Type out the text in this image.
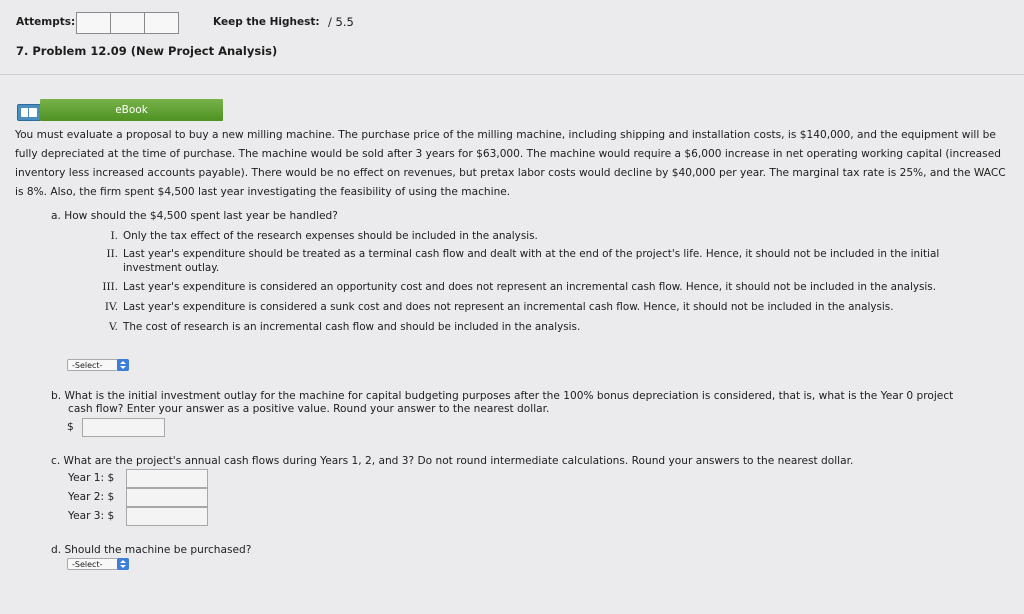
Attempts:	Keep the Highest: / 5.5
7. Problem 12.09 (New Project Analysis)
eBook
You must evaluate a proposal to buy a new milling machine. The purchase price of the milling machine, including shipping and installation costs, is $140,000, and the equipment will be fully depreciated at the time of purchase. The machine would be sold after 3 years for $63,000. The machine would require a $6,000 increase in net operating working capital (increased inventory less increased accounts payable). There would be no effect on revenues, but pretax labor costs would decline by $40,000 per year. The marginal tax rate is 25%, and the WACC is 8%. Also, the firm spent $4,500 last year investigating the feasibility of using the machine.
a. How should the $4,500 spent last year be handled?
I. Only the tax effect of the research expenses should be included in the analysis.
II. Last year's expenditure should be treated as a terminal cash flow and dealt with at the end of the project's life. Hence, it should not be included in the initial investment outlay.
III. Last year's expenditure is considered an opportunity cost and does not represent an incremental cash flow. Hence, it should not be included in the analysis.
IV. Last year's expenditure is considered a sunk cost and does not represent an incremental cash flow. Hence, it should not be included in the analysis.
V. The cost of research is an incremental cash flow and should be included in the analysis.
-Select-
b. What is the initial investment outlay for the machine for capital budgeting purposes after the 100% bonus depreciation is considered, that is, what is the Year 0 project
cash flow? Enter your answer as a positive value. Round your answer to the nearest dollar.
$
c. What are the project's annual cash flows during Years 1, 2, and 3? Do not round intermediate calculations. Round your answers to the nearest dollar.
Year 1: $
Year 2: $
Year 3: $
d. Should the machine be purchased?
-Select-
